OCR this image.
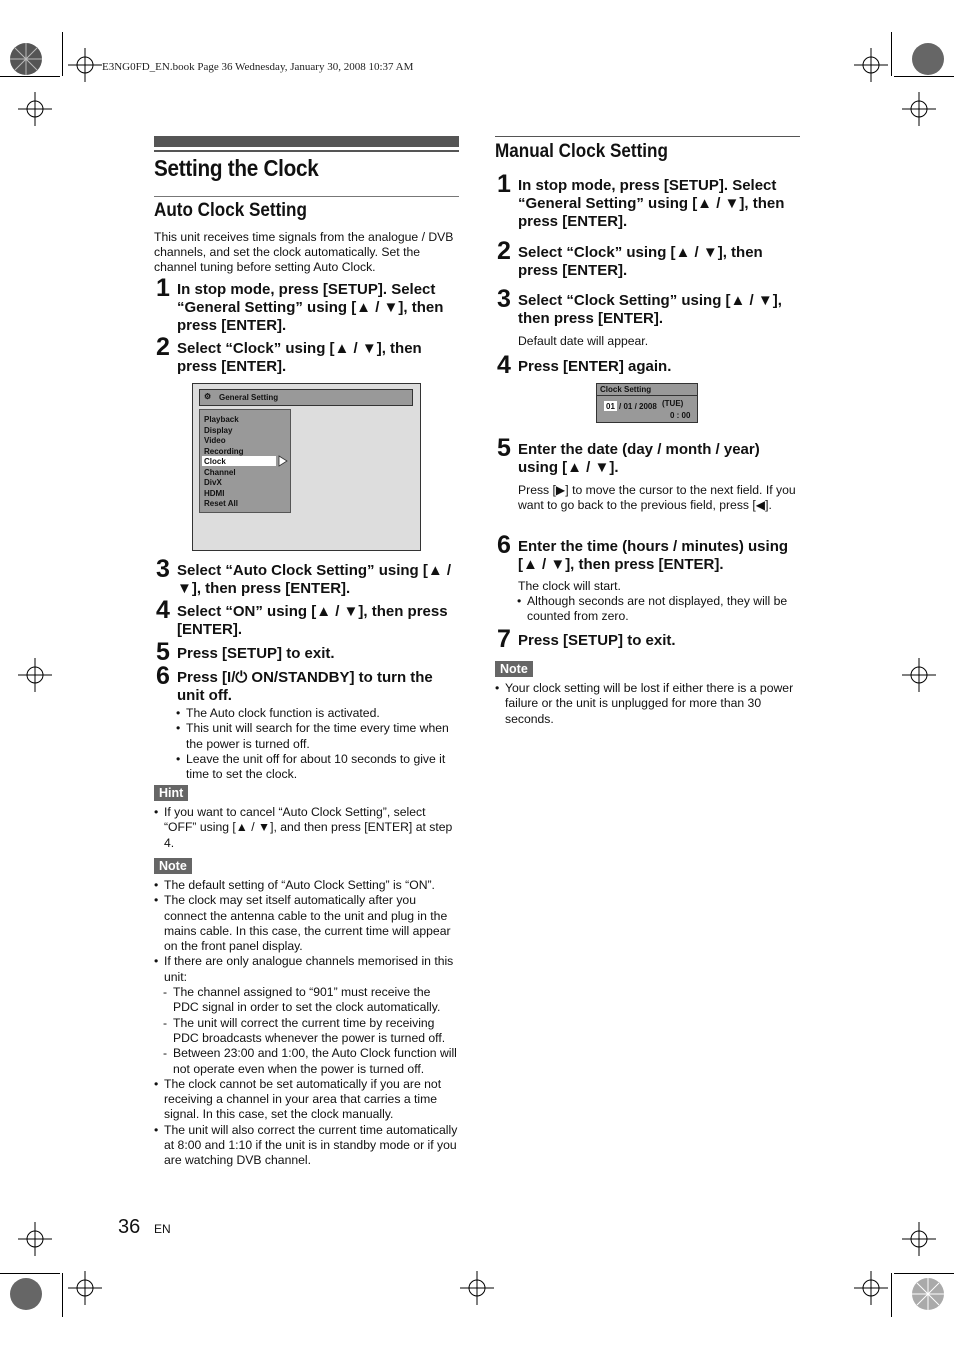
E3NG0FD_EN.book Page 36 Wednesday, January 30, 2008 10:37 AM
Setting the Clock
Auto Clock Setting
This unit receives time signals from the analogue / DVB channels, and set the clock automatically. Set the channel tuning before setting Auto Clock.
1 In stop mode, press [SETUP]. Select “General Setting” using [▲ / ▼], then press [ENTER].
2 Select “Clock” using [▲ / ▼], then press [ENTER].
⚙ General Setting
Playback
Display
Video
Recording
Clock
Channel
DivX
HDMI
Reset All
3 Select “Auto Clock Setting” using [▲ / ▼], then press [ENTER].
4 Select “ON” using [▲ / ▼], then press [ENTER].
5 Press [SETUP] to exit.
6 Press [I/⏻ ON/STANDBY] to turn the unit off.
• The Auto clock function is activated.
• This unit will search for the time every time when the power is turned off.
• Leave the unit off for about 10 seconds to give it time to set the clock.
Hint
• If you want to cancel “Auto Clock Setting”, select “OFF” using [▲ / ▼], and then press [ENTER] at step 4.
Note
• The default setting of “Auto Clock Setting” is “ON”.
• The clock may set itself automatically after you connect the antenna cable to the unit and plug in the mains cable. In this case, the current time will appear on the front panel display.
• If there are only analogue channels memorised in this unit:
- The channel assigned to “901” must receive the PDC signal in order to set the clock automatically.
- The unit will correct the current time by receiving PDC broadcasts whenever the power is turned off.
- Between 23:00 and 1:00, the Auto Clock function will not operate even when the power is turned off.
• The clock cannot be set automatically if you are not receiving a channel in your area that carries a time signal. In this case, set the clock manually.
• The unit will also correct the current time automatically at 8:00 and 1:10 if the unit is in standby mode or if you are watching DVB channel.
Manual Clock Setting
1 In stop mode, press [SETUP]. Select “General Setting” using [▲ / ▼], then press [ENTER].
2 Select “Clock” using [▲ / ▼], then press [ENTER].
3 Select “Clock Setting” using [▲ / ▼], then press [ENTER].
Default date will appear.
4 Press [ENTER] again.
Clock Setting
01 / 01 / 2008 (TUE)
0 : 00
5 Enter the date (day / month / year) using [▲ / ▼].
Press [▶] to move the cursor to the next field. If you want to go back to the previous field, press [◀].
6 Enter the time (hours / minutes) using [▲ / ▼], then press [ENTER].
The clock will start.
• Although seconds are not displayed, they will be counted from zero.
7 Press [SETUP] to exit.
Note
• Your clock setting will be lost if either there is a power failure or the unit is unplugged for more than 30 seconds.
36 EN
